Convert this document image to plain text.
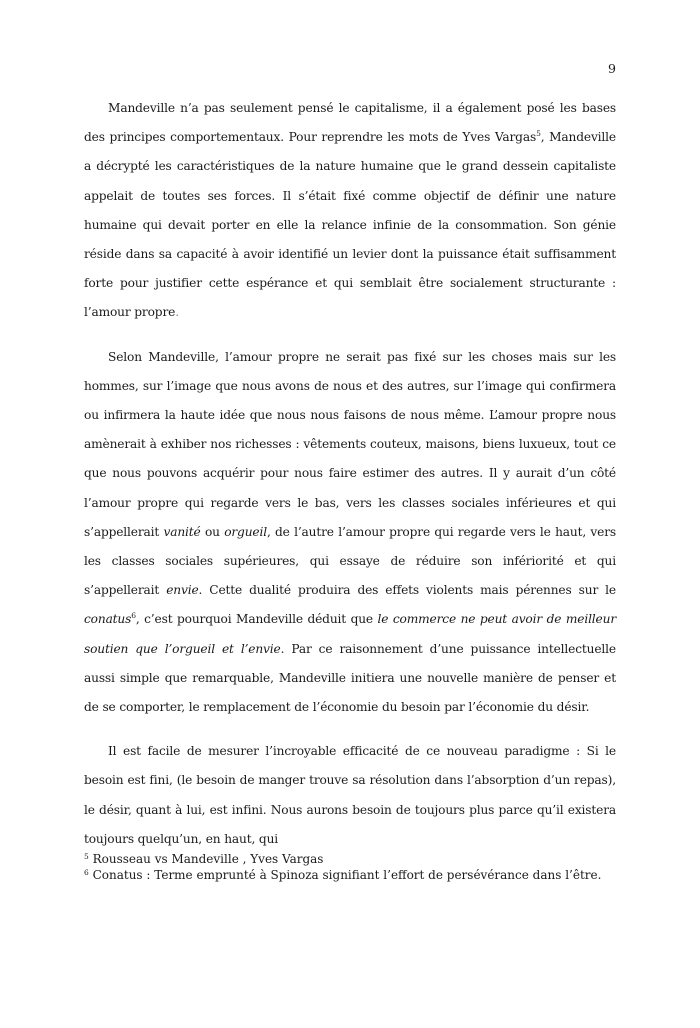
9

Mandeville n’a pas seulement pensé le capitalisme, il a également posé les bases des principes comportementaux. Pour reprendre les mots de Yves Vargas$^5$, Mandeville a décrypté les caractéristiques de la nature humaine que le grand dessein capitaliste appelait de toutes ses forces. Il s’était fixé comme objectif de définir une nature humaine qui devait porter en elle la relance infinie de la consommation. Son génie réside dans sa capacité à avoir identifié un levier dont la puissance était suffisamment forte pour justifier cette espérance et qui semblait être socialement structurante : l’amour propre.

Selon Mandeville, l’amour propre ne serait pas fixé sur les choses mais sur les hommes, sur l’image que nous avons de nous et des autres, sur l’image qui confirmera ou infirmera la haute idée que nous nous faisons de nous même. L’amour propre nous amènerait à exhiber nos richesses : vêtements couteux, maisons, biens luxueux, tout ce que nous pouvons acquérir pour nous faire estimer des autres. Il y aurait d’un côté l’amour propre qui regarde vers le bas, vers les classes sociales inférieures et qui s’appellerait vanité ou orgueil, de l’autre l’amour propre qui regarde vers le haut, vers les classes sociales supérieures, qui essaye de réduire son infériorité et qui s’appellerait envie. Cette dualité produira des effets violents mais pérennes sur le conatus$^6$, c’est pourquoi Mandeville déduit que le commerce ne peut avoir de meilleur soutien que l’orgueil et l’envie. Par ce raisonnement d’une puissance intellectuelle aussi simple que remarquable, Mandeville initiera une nouvelle manière de penser et de se comporter, le remplacement de l’économie du besoin par l’économie du désir.

Il est facile de mesurer l’incroyable efficacité de ce nouveau paradigme : Si le besoin est fini, (le besoin de manger trouve sa résolution dans l’absorption d’un repas), le désir, quant à lui, est infini. Nous aurons besoin de toujours plus parce qu’il existera toujours quelqu’un, en haut, qui

$^5$ Rousseau vs Mandeville , Yves Vargas

$^6$ Conatus : Terme emprunté à Spinoza signifiant l’effort de persévérance dans l’être.
